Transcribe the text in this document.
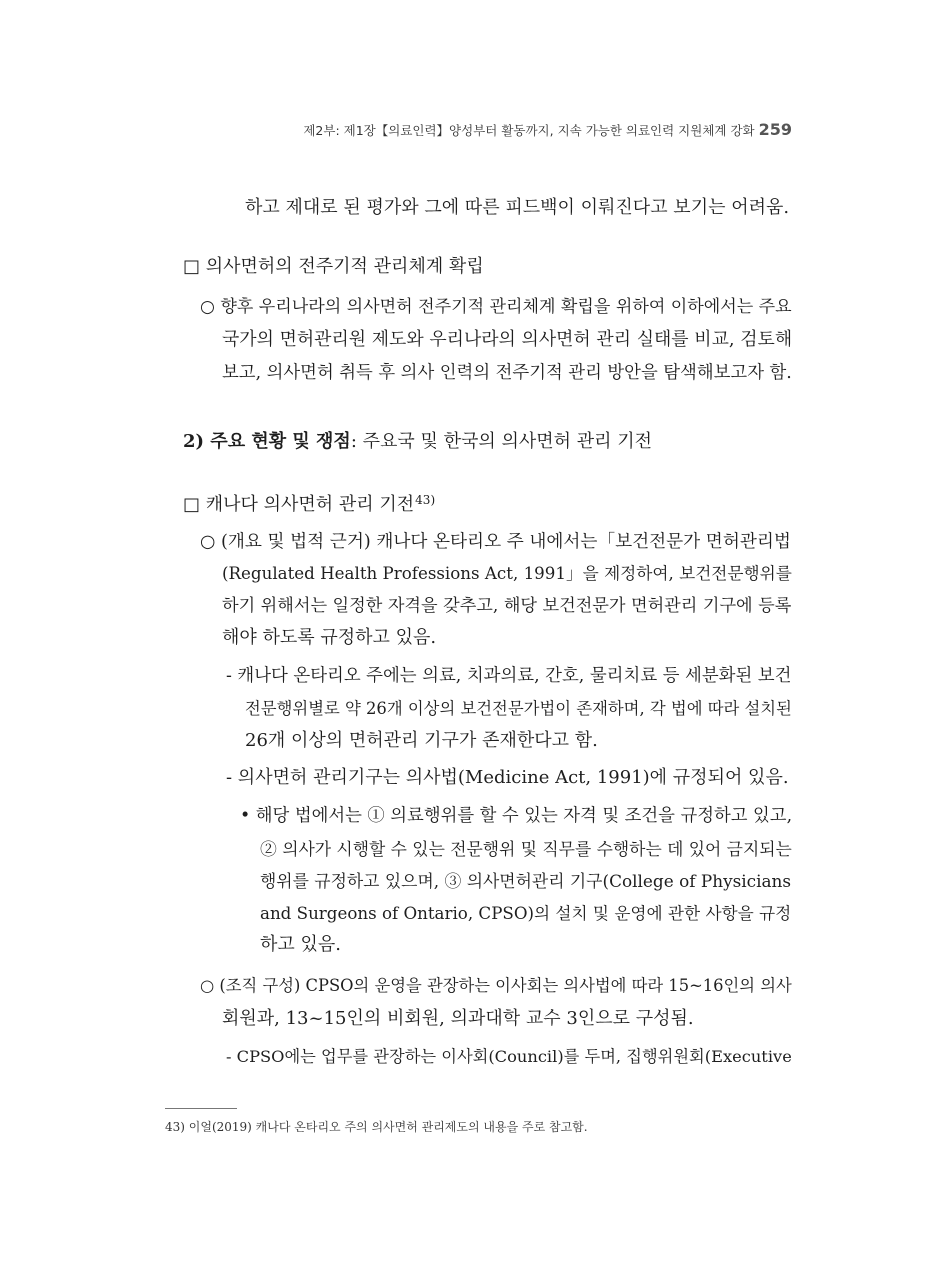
제2부: 제1장【의료인력】양성부터 활동까지, 지속 가능한 의료인력 지원체계 강화 259
하고 제대로 된 평가와 그에 따른 피드백이 이뤄진다고 보기는 어려움.
□ 의사면허의 전주기적 관리체계 확립
○ 향후 우리나라의 의사면허 전주기적 관리체계 확립을 위하여 이하에서는 주요
국가의 면허관리원 제도와 우리나라의 의사면허 관리 실태를 비교, 검토해
보고, 의사면허 취득 후 의사 인력의 전주기적 관리 방안을 탐색해보고자 함.
2) 주요 현황 및 쟁점: 주요국 및 한국의 의사면허 관리 기전
□ 캐나다 의사면허 관리 기전$^{43)}$
○ (개요 및 법적 근거) 캐나다 온타리오 주 내에서는「보건전문가 면허관리법
(Regulated Health Professions Act, 1991」을 제정하여, 보건전문행위를
하기 위해서는 일정한 자격을 갖추고, 해당 보건전문가 면허관리 기구에 등록
해야 하도록 규정하고 있음.
- 캐나다 온타리오 주에는 의료, 치과의료, 간호, 물리치료 등 세분화된 보건
전문행위별로 약 26개 이상의 보건전문가법이 존재하며, 각 법에 따라 설치된
26개 이상의 면허관리 기구가 존재한다고 함.
- 의사면허 관리기구는 의사법(Medicine Act, 1991)에 규정되어 있음.
• 해당 법에서는 ① 의료행위를 할 수 있는 자격 및 조건을 규정하고 있고,
② 의사가 시행할 수 있는 전문행위 및 직무를 수행하는 데 있어 금지되는
행위를 규정하고 있으며, ③ 의사면허관리 기구(College of Physicians
and Surgeons of Ontario, CPSO)의 설치 및 운영에 관한 사항을 규정
하고 있음.
○ (조직 구성) CPSO의 운영을 관장하는 이사회는 의사법에 따라 15~16인의 의사
회원과, 13~15인의 비회원, 의과대학 교수 3인으로 구성됨.
- CPSO에는 업무를 관장하는 이사회(Council)를 두며, 집행위원회(Executive
43) 이얼(2019) 캐나다 온타리오 주의 의사면허 관리제도의 내용을 주로 참고함.
